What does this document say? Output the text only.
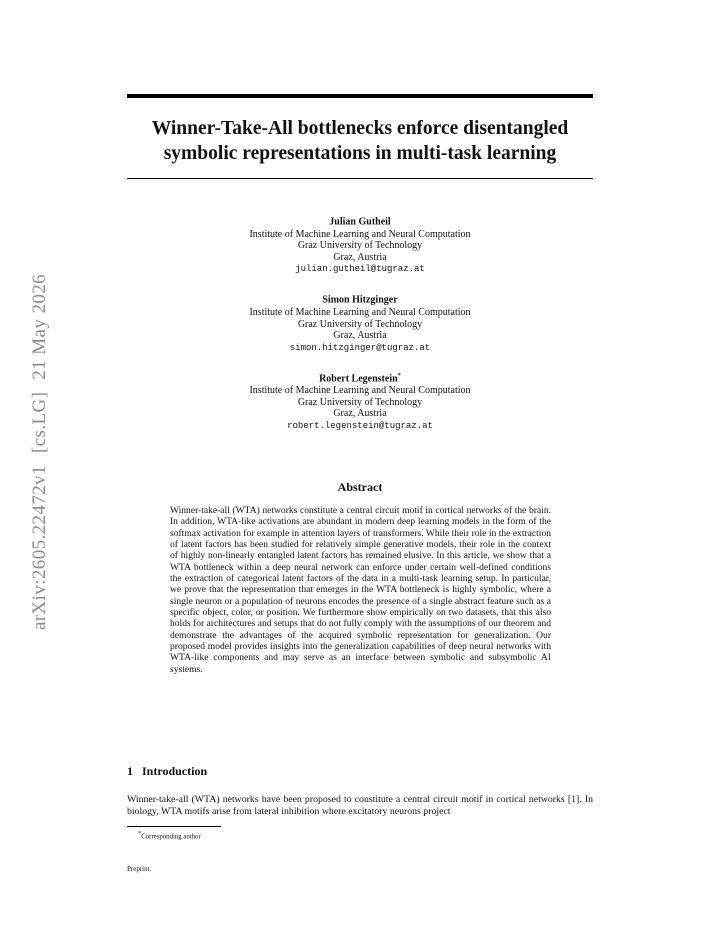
arXiv:2605.22472v1[cs.LG]21 May 2026
Winner-Take-All bottlenecks enforce disentangled symbolic representations in multi-task learning
Julian Gutheil
Institute of Machine Learning and Neural Computation
Graz University of Technology
Graz, Austria
julian.gutheil@tugraz.at
Simon Hitzginger
Institute of Machine Learning and Neural Computation
Graz University of Technology
Graz, Austria
simon.hitzginger@tugraz.at
Robert Legenstein*
Institute of Machine Learning and Neural Computation
Graz University of Technology
Graz, Austria
robert.legenstein@tugraz.at
Abstract
Winner-take-all (WTA) networks constitute a central circuit motif in cortical networks of the brain. In addition, WTA-like activations are abundant in modern deep learning models in the form of the softmax activation for example in attention layers of transformers. While their role in the extraction of latent factors has been studied for relatively simple generative models, their role in the context of highly non-linearly entangled latent factors has remained elusive. In this article, we show that a WTA bottleneck within a deep neural network can enforce under certain well-defined conditions the extraction of categorical latent factors of the data in a multi-task learning setup. In particular, we prove that the representation that emerges in the WTA bottleneck is highly symbolic, where a single neuron or a population of neurons encodes the presence of a single abstract feature such as a specific object, color, or position. We furthermore show empirically on two datasets, that this also holds for architectures and setups that do not fully comply with the assumptions of our theorem and demonstrate the advantages of the acquired symbolic representation for generalization. Our proposed model provides insights into the generalization capabilities of deep neural networks with WTA-like components and may serve as an interface between symbolic and subsymbolic AI systems.
1 Introduction
Winner-take-all (WTA) networks have been proposed to constitute a central circuit motif in cortical networks [1]. In biology, WTA motifs arise from lateral inhibition where excitatory neurons project
*Corresponding author
Preprint.
